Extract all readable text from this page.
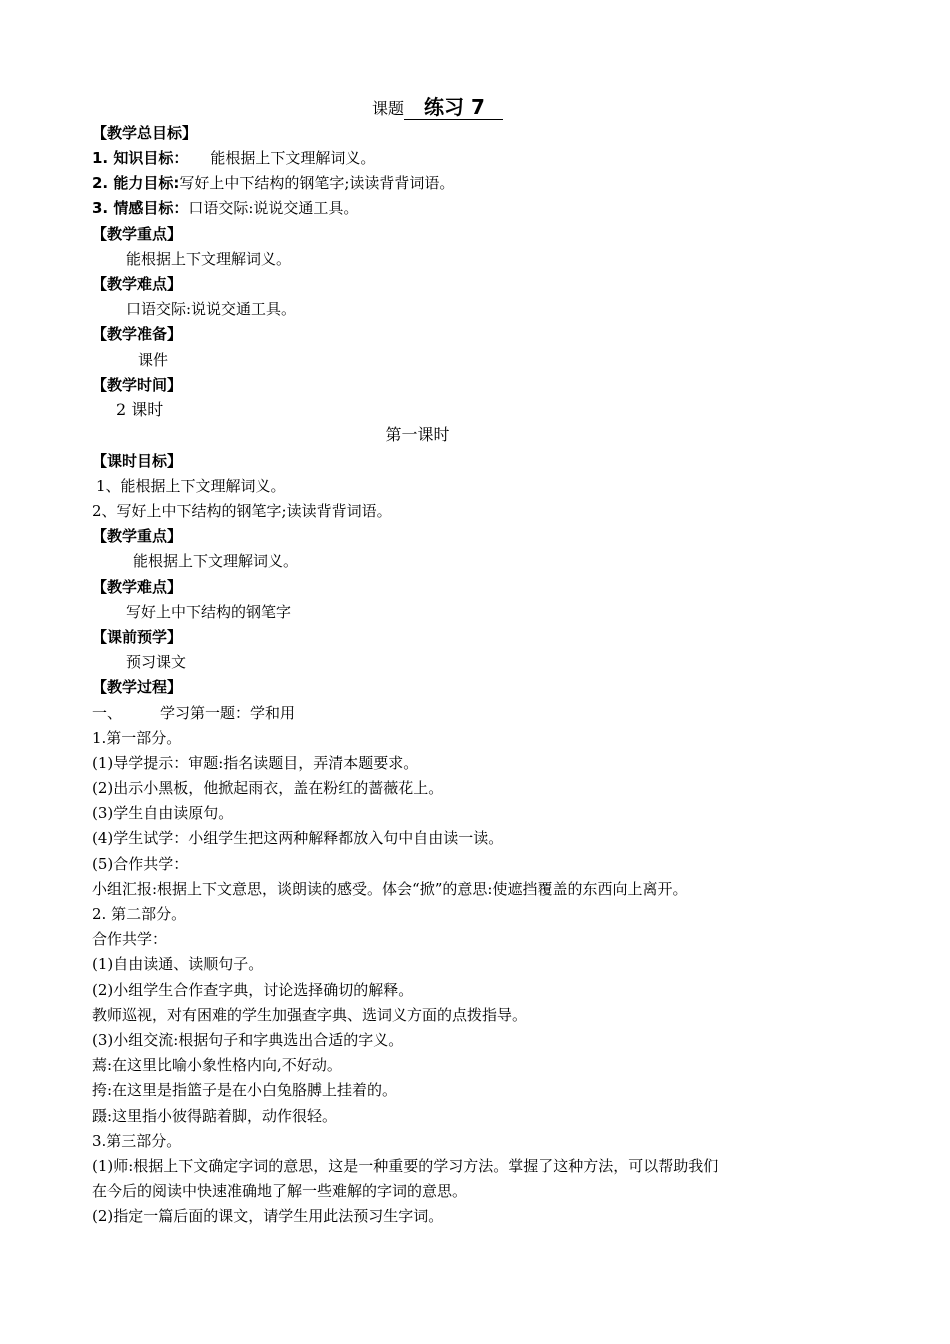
课题 练习 7
【教学总目标】
1. 知识目标： 能根据上下文理解词义。
2. 能力目标:写好上中下结构的钢笔字;读读背背词语。
3. 情感目标：口语交际:说说交通工具。
【教学重点】
能根据上下文理解词义。
【教学难点】
口语交际:说说交通工具。
【教学准备】
课件
【教学时间】
2 课时
第一课时
【课时目标】
1、能根据上下文理解词义。
2、写好上中下结构的钢笔字;读读背背词语。
【教学重点】
能根据上下文理解词义。
【教学难点】
写好上中下结构的钢笔字
【课前预学】
预习课文
【教学过程】
一、	学习第一题：学和用
1.第一部分。
(1)导学提示：审题:指名读题目，弄清本题要求。
(2)出示小黑板，他掀起雨衣，盖在粉红的蔷薇花上。
(3)学生自由读原句。
(4)学生试学：小组学生把这两种解释都放入句中自由读一读。
(5)合作共学：
小组汇报:根据上下文意思，谈朗读的感受。体会“掀”的意思:使遮挡覆盖的东西向上离开。
2. 第二部分。
合作共学：
(1)自由读通、读顺句子。
(2)小组学生合作查字典，讨论选择确切的解释。
教师巡视，对有困难的学生加强查字典、选词义方面的点拨指导。
(3)小组交流:根据句子和字典选出合适的字义。
蔫:在这里比喻小象性格内向,不好动。
挎:在这里是指篮子是在小白兔胳膊上挂着的。
蹑:这里指小彼得踮着脚，动作很轻。
3.第三部分。
(1)师:根据上下文确定字词的意思，这是一种重要的学习方法。掌握了这种方法，可以帮助我们
在今后的阅读中快速准确地了解一些难解的字词的意思。
(2)指定一篇后面的课文，请学生用此法预习生字词。
